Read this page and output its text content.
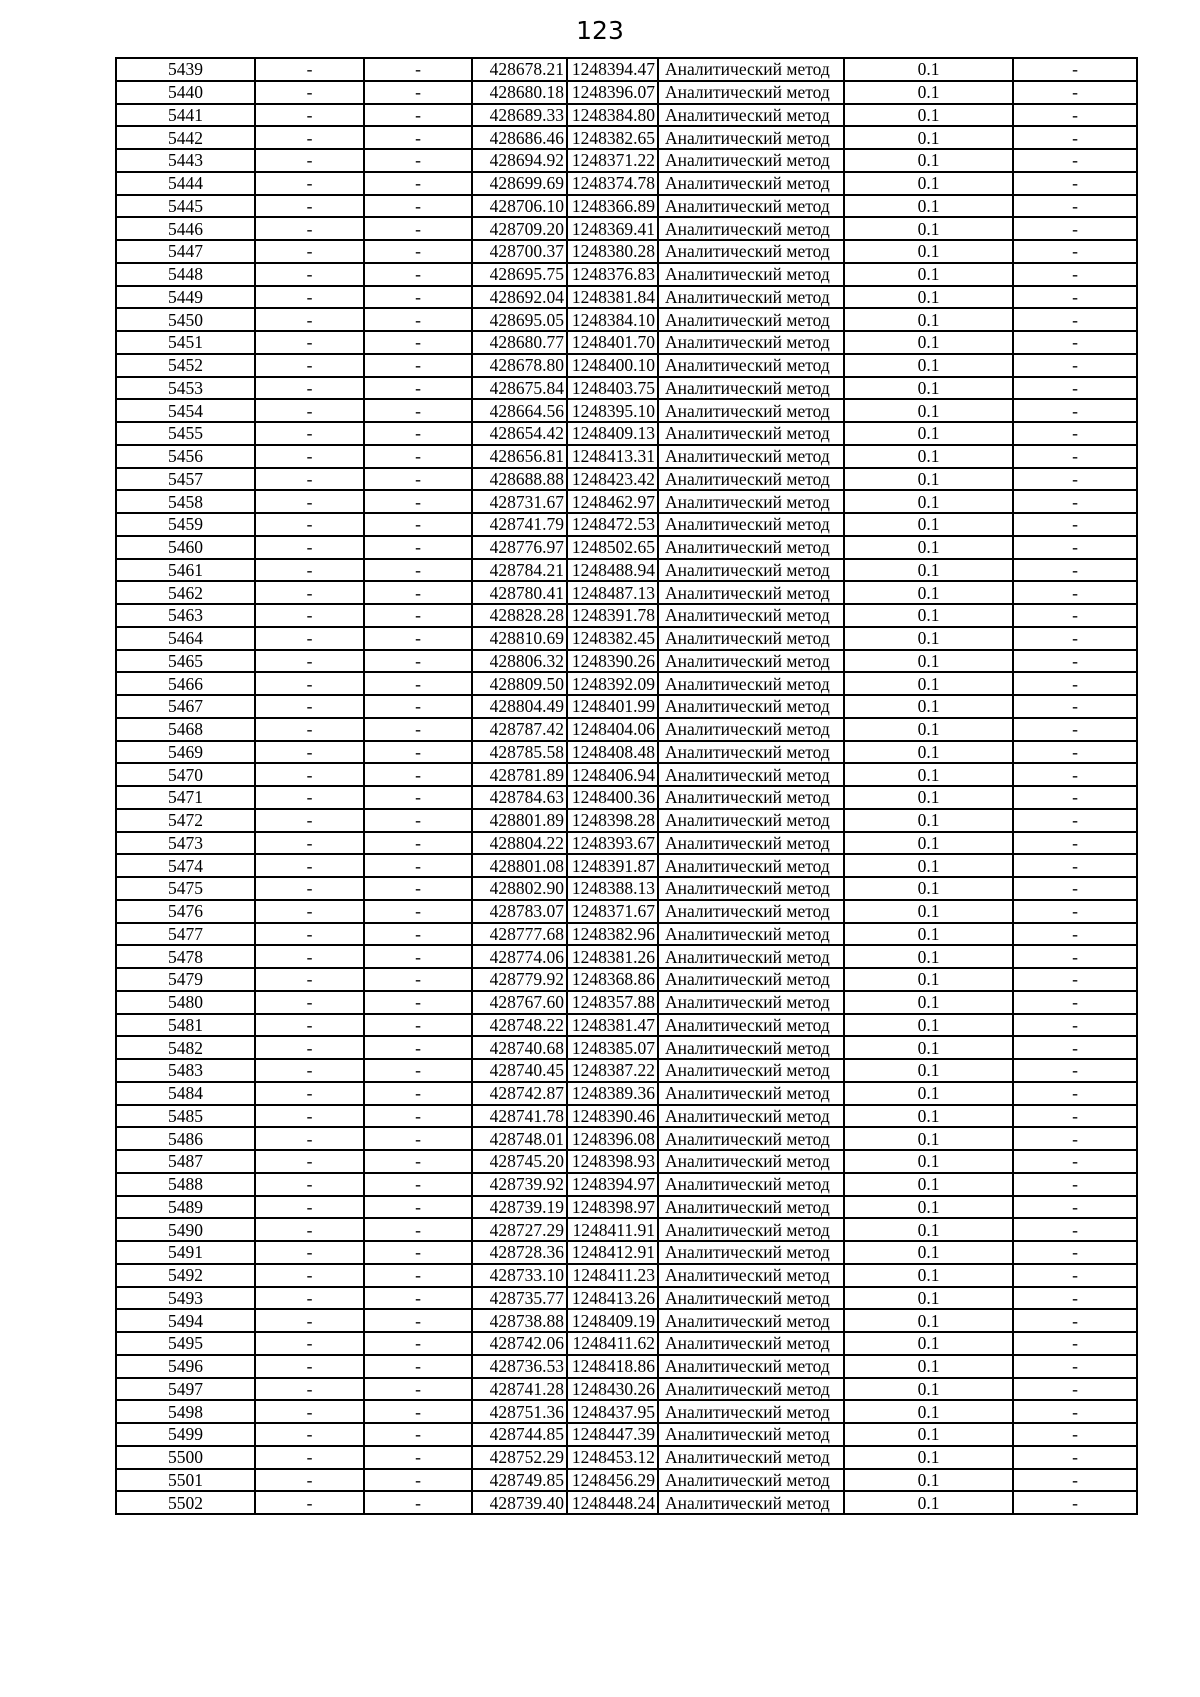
123
5439	-	-	428678.21	1248394.47	Аналитический метод	0.1	-
5440	-	-	428680.18	1248396.07	Аналитический метод	0.1	-
5441	-	-	428689.33	1248384.80	Аналитический метод	0.1	-
5442	-	-	428686.46	1248382.65	Аналитический метод	0.1	-
5443	-	-	428694.92	1248371.22	Аналитический метод	0.1	-
5444	-	-	428699.69	1248374.78	Аналитический метод	0.1	-
5445	-	-	428706.10	1248366.89	Аналитический метод	0.1	-
5446	-	-	428709.20	1248369.41	Аналитический метод	0.1	-
5447	-	-	428700.37	1248380.28	Аналитический метод	0.1	-
5448	-	-	428695.75	1248376.83	Аналитический метод	0.1	-
5449	-	-	428692.04	1248381.84	Аналитический метод	0.1	-
5450	-	-	428695.05	1248384.10	Аналитический метод	0.1	-
5451	-	-	428680.77	1248401.70	Аналитический метод	0.1	-
5452	-	-	428678.80	1248400.10	Аналитический метод	0.1	-
5453	-	-	428675.84	1248403.75	Аналитический метод	0.1	-
5454	-	-	428664.56	1248395.10	Аналитический метод	0.1	-
5455	-	-	428654.42	1248409.13	Аналитический метод	0.1	-
5456	-	-	428656.81	1248413.31	Аналитический метод	0.1	-
5457	-	-	428688.88	1248423.42	Аналитический метод	0.1	-
5458	-	-	428731.67	1248462.97	Аналитический метод	0.1	-
5459	-	-	428741.79	1248472.53	Аналитический метод	0.1	-
5460	-	-	428776.97	1248502.65	Аналитический метод	0.1	-
5461	-	-	428784.21	1248488.94	Аналитический метод	0.1	-
5462	-	-	428780.41	1248487.13	Аналитический метод	0.1	-
5463	-	-	428828.28	1248391.78	Аналитический метод	0.1	-
5464	-	-	428810.69	1248382.45	Аналитический метод	0.1	-
5465	-	-	428806.32	1248390.26	Аналитический метод	0.1	-
5466	-	-	428809.50	1248392.09	Аналитический метод	0.1	-
5467	-	-	428804.49	1248401.99	Аналитический метод	0.1	-
5468	-	-	428787.42	1248404.06	Аналитический метод	0.1	-
5469	-	-	428785.58	1248408.48	Аналитический метод	0.1	-
5470	-	-	428781.89	1248406.94	Аналитический метод	0.1	-
5471	-	-	428784.63	1248400.36	Аналитический метод	0.1	-
5472	-	-	428801.89	1248398.28	Аналитический метод	0.1	-
5473	-	-	428804.22	1248393.67	Аналитический метод	0.1	-
5474	-	-	428801.08	1248391.87	Аналитический метод	0.1	-
5475	-	-	428802.90	1248388.13	Аналитический метод	0.1	-
5476	-	-	428783.07	1248371.67	Аналитический метод	0.1	-
5477	-	-	428777.68	1248382.96	Аналитический метод	0.1	-
5478	-	-	428774.06	1248381.26	Аналитический метод	0.1	-
5479	-	-	428779.92	1248368.86	Аналитический метод	0.1	-
5480	-	-	428767.60	1248357.88	Аналитический метод	0.1	-
5481	-	-	428748.22	1248381.47	Аналитический метод	0.1	-
5482	-	-	428740.68	1248385.07	Аналитический метод	0.1	-
5483	-	-	428740.45	1248387.22	Аналитический метод	0.1	-
5484	-	-	428742.87	1248389.36	Аналитический метод	0.1	-
5485	-	-	428741.78	1248390.46	Аналитический метод	0.1	-
5486	-	-	428748.01	1248396.08	Аналитический метод	0.1	-
5487	-	-	428745.20	1248398.93	Аналитический метод	0.1	-
5488	-	-	428739.92	1248394.97	Аналитический метод	0.1	-
5489	-	-	428739.19	1248398.97	Аналитический метод	0.1	-
5490	-	-	428727.29	1248411.91	Аналитический метод	0.1	-
5491	-	-	428728.36	1248412.91	Аналитический метод	0.1	-
5492	-	-	428733.10	1248411.23	Аналитический метод	0.1	-
5493	-	-	428735.77	1248413.26	Аналитический метод	0.1	-
5494	-	-	428738.88	1248409.19	Аналитический метод	0.1	-
5495	-	-	428742.06	1248411.62	Аналитический метод	0.1	-
5496	-	-	428736.53	1248418.86	Аналитический метод	0.1	-
5497	-	-	428741.28	1248430.26	Аналитический метод	0.1	-
5498	-	-	428751.36	1248437.95	Аналитический метод	0.1	-
5499	-	-	428744.85	1248447.39	Аналитический метод	0.1	-
5500	-	-	428752.29	1248453.12	Аналитический метод	0.1	-
5501	-	-	428749.85	1248456.29	Аналитический метод	0.1	-
5502	-	-	428739.40	1248448.24	Аналитический метод	0.1	-
